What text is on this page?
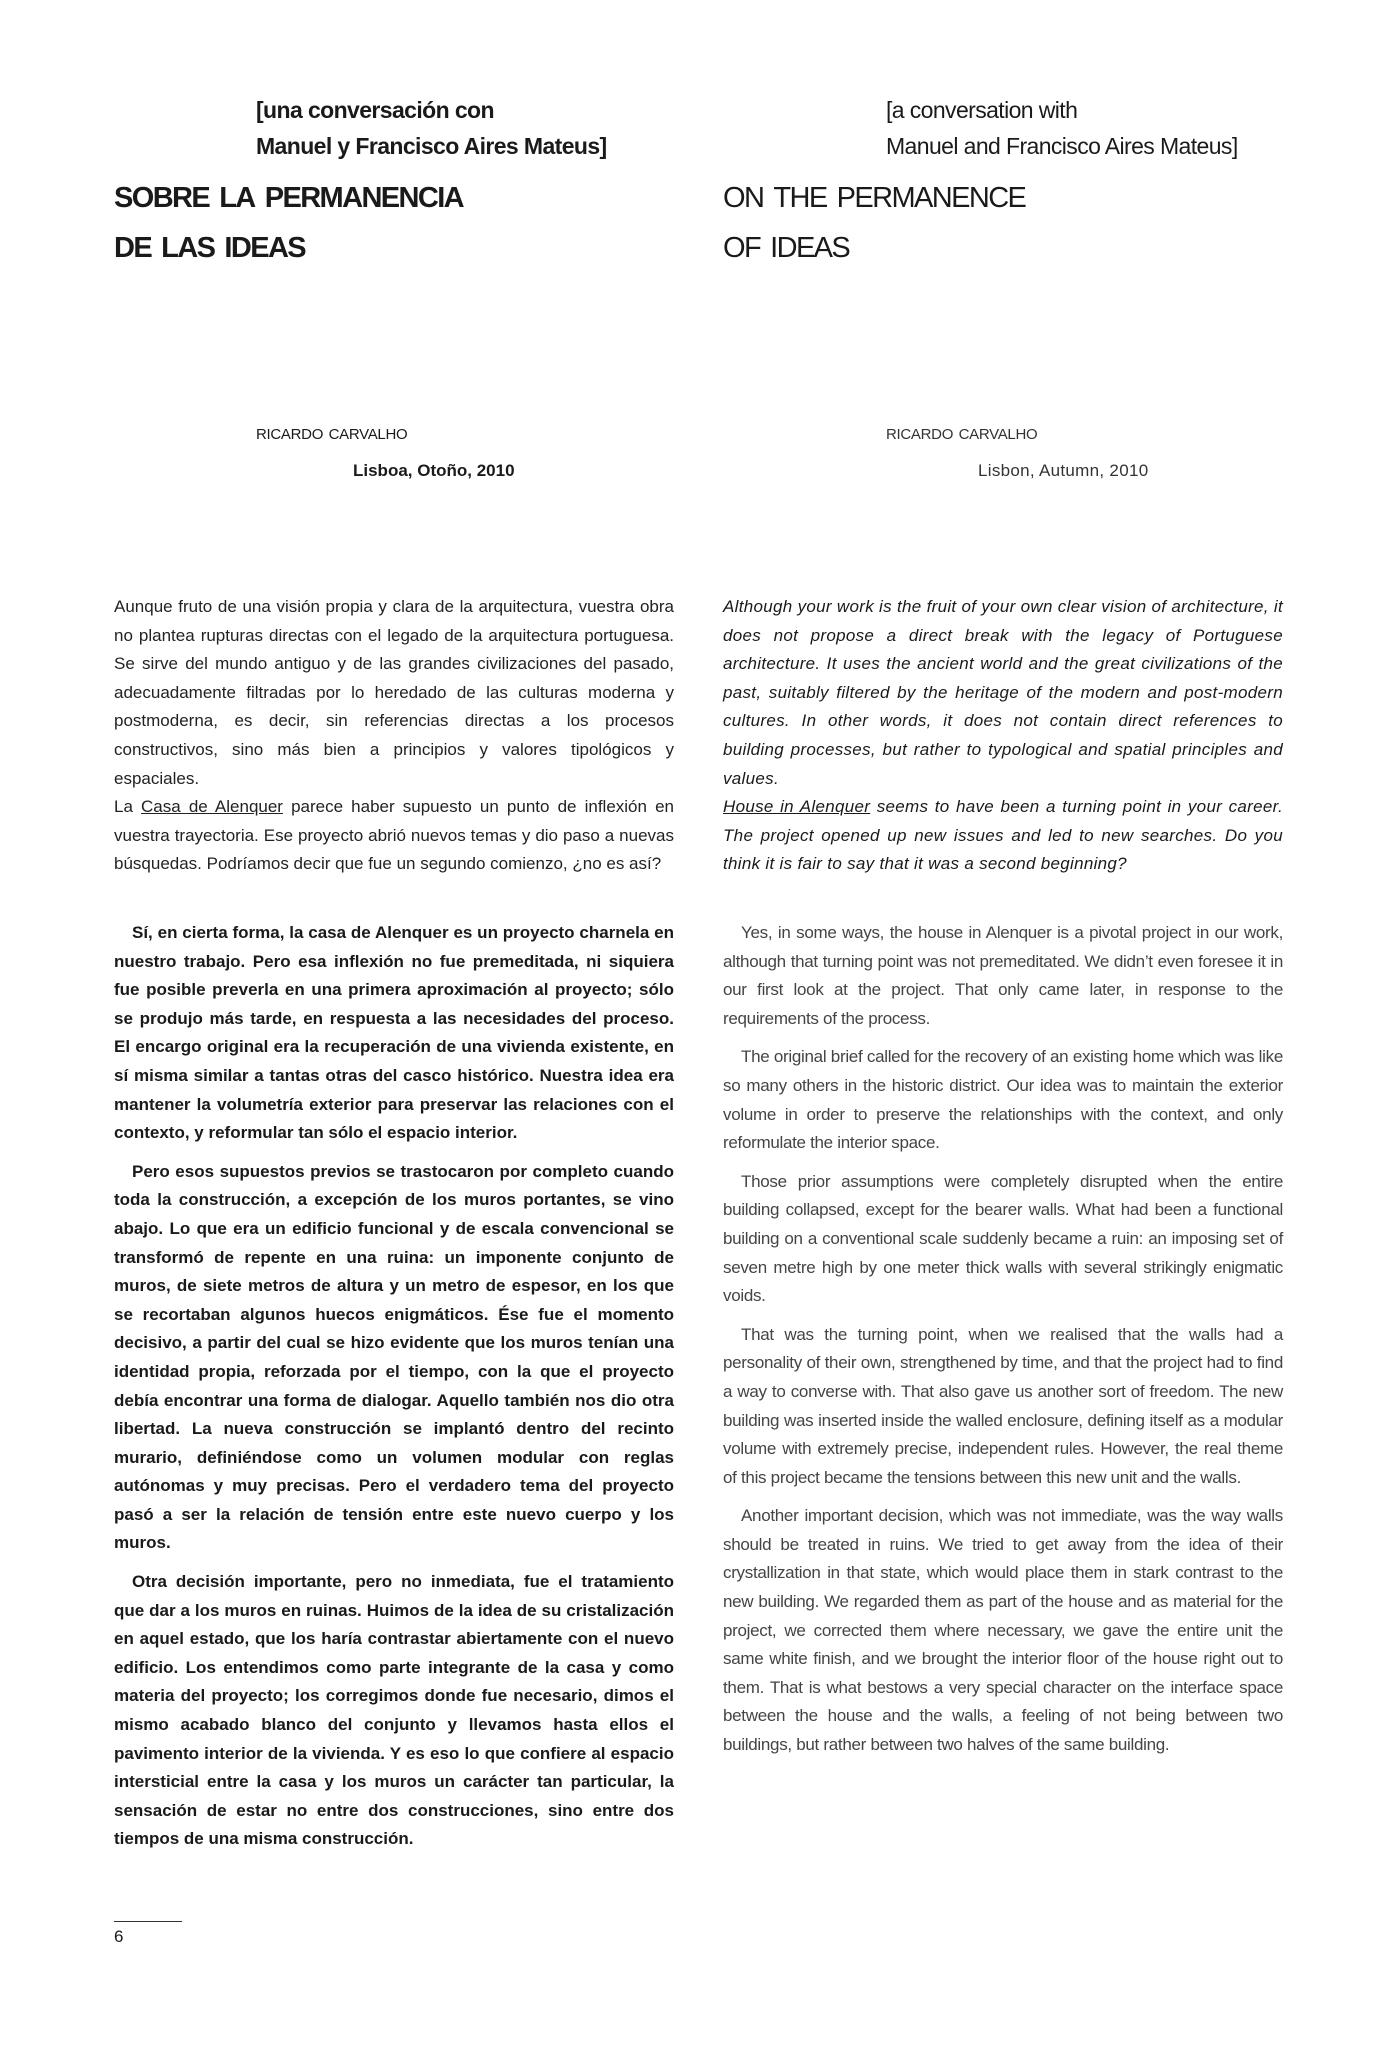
[una conversación con
Manuel y Francisco Aires Mateus]
sobre la permanencia
de las ideas
[a conversation with
Manuel and Francisco Aires Mateus]
on the permanence
of ideas
ricardo carvalho
Lisboa, Otoño, 2010
ricardo carvalho
Lisbon, Autumn, 2010

Aunque fruto de una visión propia y clara de la arquitectura, vuestra obra no plantea rupturas directas con el legado de la arquitectura portuguesa. Se sirve del mundo antiguo y de las grandes civilizaciones del pasado, adecuadamente filtradas por lo heredado de las culturas moderna y postmoderna, es decir, sin referencias directas a los procesos constructivos, sino más bien a principios y valores tipológicos y espaciales.

La Casa de Alenquer parece haber supuesto un punto de inflexión en vuestra trayectoria. Ese proyecto abrió nuevos temas y dio paso a nuevas búsquedas. Podríamos decir que fue un segundo comienzo, ¿no es así?

Although your work is the fruit of your own clear vision of architecture, it does not propose a direct break with the legacy of Portuguese architecture. It uses the ancient world and the great civilizations of the past, suitably filtered by the heritage of the modern and post-modern cultures. In other words, it does not contain direct references to building processes, but rather to typological and spatial principles and values.

House in Alenquer seems to have been a turning point in your career. The project opened up new issues and led to new searches. Do you think it is fair to say that it was a second beginning?

Sí, en cierta forma, la casa de Alenquer es un proyecto charnela en nuestro trabajo. Pero esa inflexión no fue premeditada, ni siquiera fue posible preverla en una primera aproximación al proyecto; sólo se produjo más tarde, en respuesta a las necesidades del proceso. El encargo original era la recuperación de una vivienda existente, en sí misma similar a tantas otras del casco histórico. Nuestra idea era mantener la volumetría exterior para preservar las relaciones con el contexto, y reformular tan sólo el espacio interior.

Pero esos supuestos previos se trastocaron por completo cuando toda la construcción, a excepción de los muros portantes, se vino abajo. Lo que era un edificio funcional y de escala convencional se transformó de repente en una ruina: un imponente conjunto de muros, de siete metros de altura y un metro de espesor, en los que se recortaban algunos huecos enigmáticos. Ése fue el momento decisivo, a partir del cual se hizo evidente que los muros tenían una identidad propia, reforzada por el tiempo, con la que el proyecto debía encontrar una forma de dialogar. Aquello también nos dio otra libertad. La nueva construcción se implantó dentro del recinto murario, definiéndose como un volumen modular con reglas autónomas y muy precisas. Pero el verdadero tema del proyecto pasó a ser la relación de tensión entre este nuevo cuerpo y los muros.

Otra decisión importante, pero no inmediata, fue el tratamiento que dar a los muros en ruinas. Huimos de la idea de su cristalización en aquel estado, que los haría contrastar abiertamente con el nuevo edificio. Los entendimos como parte integrante de la casa y como materia del proyecto; los corregimos donde fue necesario, dimos el mismo acabado blanco del conjunto y llevamos hasta ellos el pavimento interior de la vivienda. Y es eso lo que confiere al espacio intersticial entre la casa y los muros un carácter tan particular, la sensación de estar no entre dos construcciones, sino entre dos tiempos de una misma construcción.

Yes, in some ways, the house in Alenquer is a pivotal project in our work, although that turning point was not premeditated. We didn’t even foresee it in our first look at the project. That only came later, in response to the requirements of the process.

The original brief called for the recovery of an existing home which was like so many others in the historic district. Our idea was to maintain the exterior volume in order to preserve the relationships with the context, and only reformulate the interior space.

Those prior assumptions were completely disrupted when the entire building collapsed, except for the bearer walls. What had been a functional building on a conventional scale suddenly became a ruin: an imposing set of seven metre high by one meter thick walls with several strikingly enigmatic voids.

That was the turning point, when we realised that the walls had a personality of their own, strengthened by time, and that the project had to find a way to converse with. That also gave us another sort of freedom. The new building was inserted inside the walled enclosure, defining itself as a modular volume with extremely precise, independent rules. However, the real theme of this project became the tensions between this new unit and the walls.

Another important decision, which was not immediate, was the way walls should be treated in ruins. We tried to get away from the idea of their crystallization in that state, which would place them in stark contrast to the new building. We regarded them as part of the house and as material for the project, we corrected them where necessary, we gave the entire unit the same white finish, and we brought the interior floor of the house right out to them. That is what bestows a very special character on the interface space between the house and the walls, a feeling of not being between two buildings, but rather between two halves of the same building.

6
